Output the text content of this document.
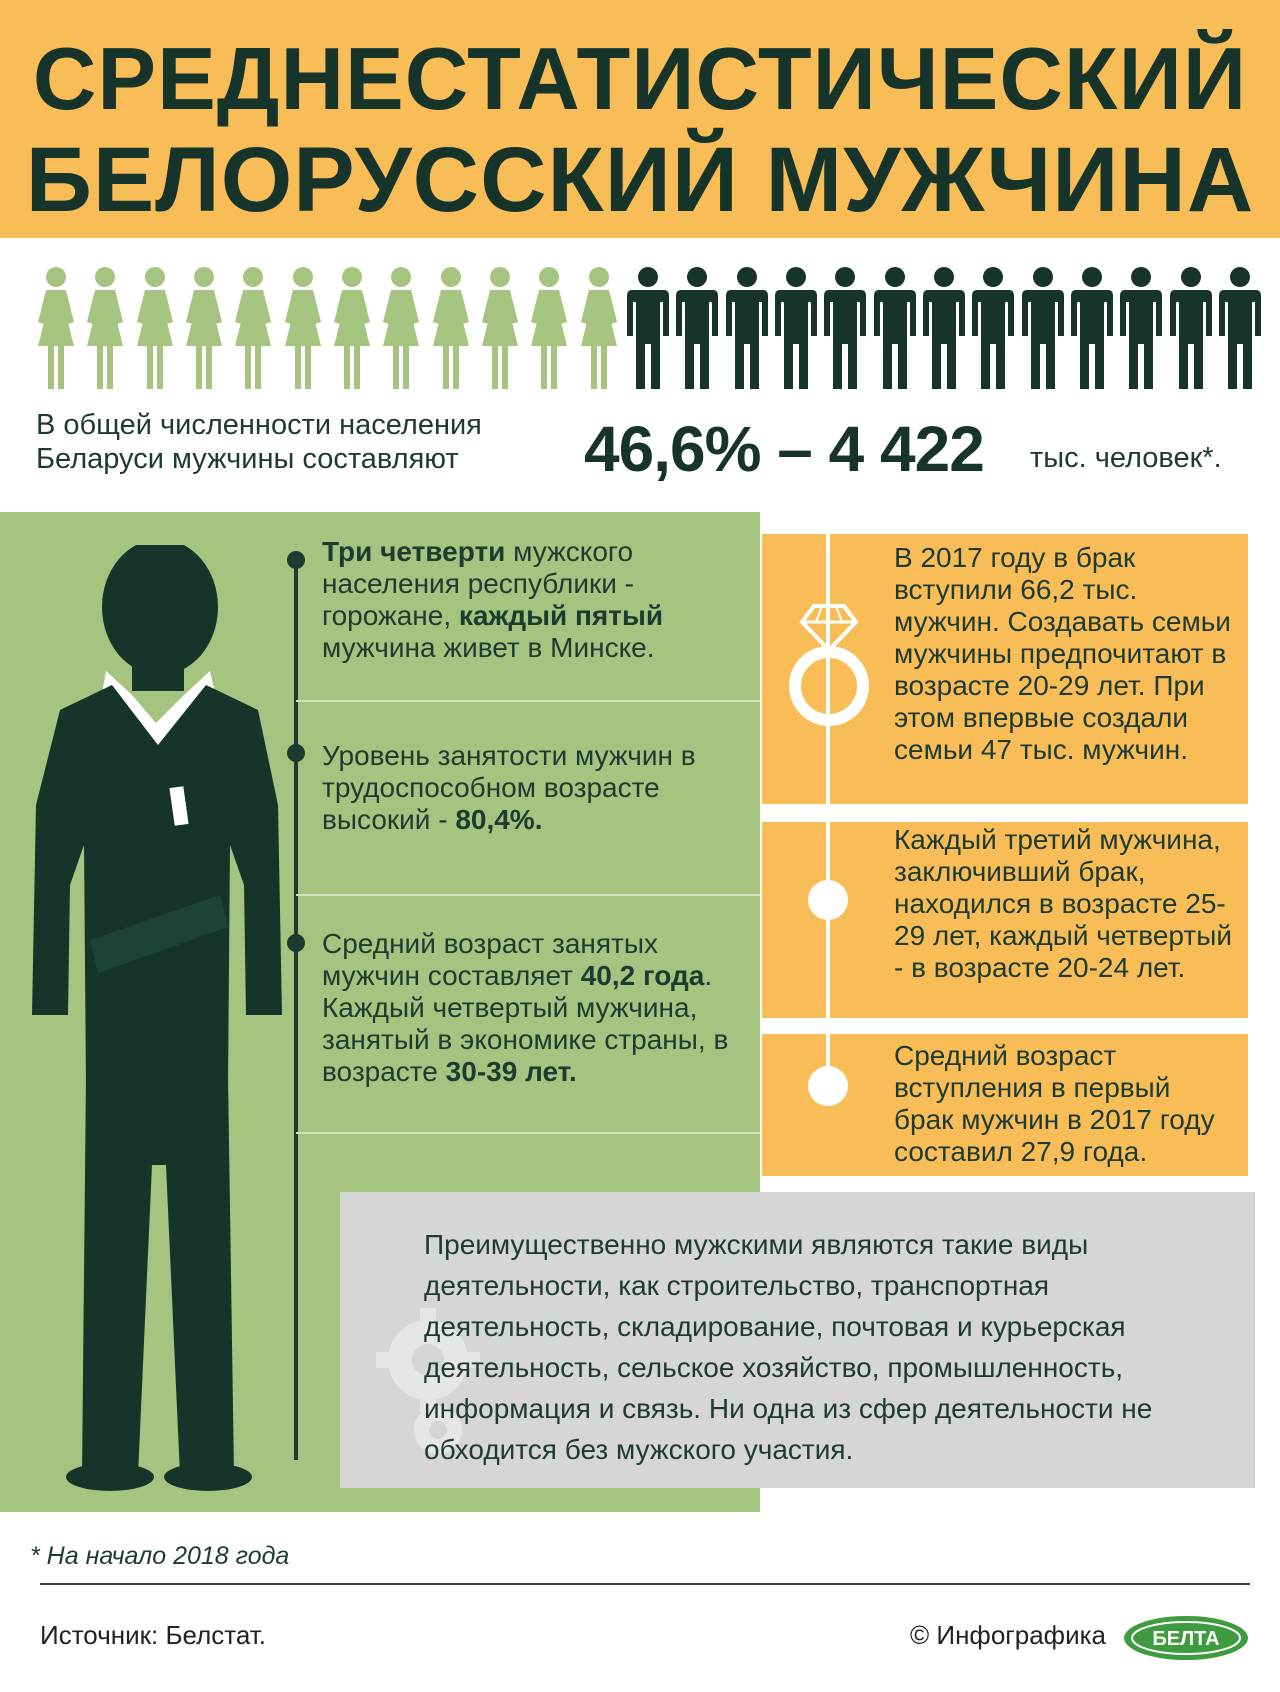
СРЕДНЕСТАТИСТИЧЕСКИЙ
БЕЛОРУССКИЙ МУЖЧИНА
В общей численности населения
Беларуси мужчины составляют	46,6% – 4 422 тыс. человек*.
Три четверти мужского населения республики - горожане, каждый пятый мужчина живет в Минске.
Уровень занятости мужчин в трудоспособном возрасте высокий - 80,4%.
Средний возраст занятых мужчин составляет 40,2 года. Каждый четвертый мужчина, занятый в экономике страны, в возрасте 30-39 лет.
В 2017 году в брак вступили 66,2 тыс. мужчин. Создавать семьи мужчины предпочитают в возрасте 20-29 лет. При этом впервые создали семьи 47 тыс. мужчин.
Каждый третий мужчина, заключивший брак, находился в возрасте 25-29 лет, каждый четвертый - в возрасте 20-24 лет.
Средний возраст вступления в первый брак мужчин в 2017 году составил 27,9 года.
Преимущественно мужскими являются такие виды деятельности, как строительство, транспортная деятельность, складирование, почтовая и курьерская деятельность, сельское хозяйство, промышленность, информация и связь. Ни одна из сфер деятельности не обходится без мужского участия.
* На начало 2018 года
Источник: Белстат.	© Инфографика БЕЛТА
